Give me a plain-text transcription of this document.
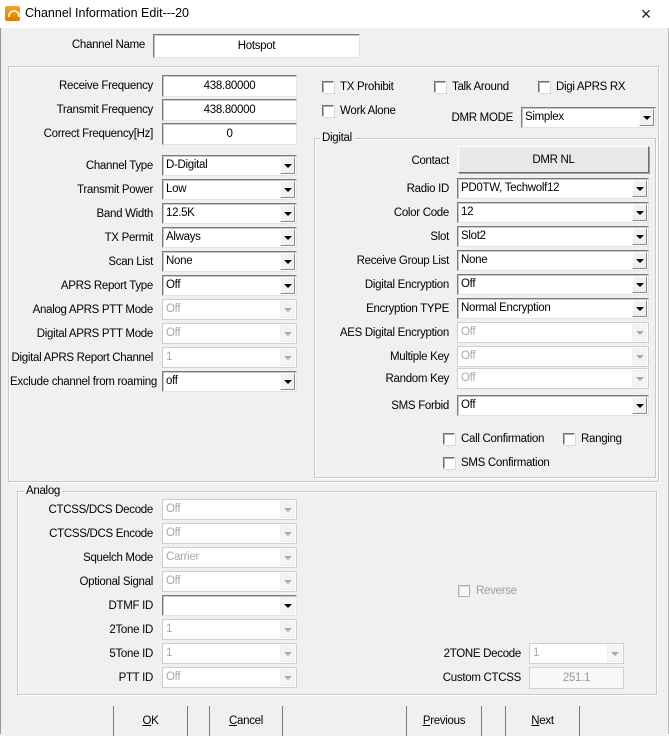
Channel Information Edit---20	×
Channel Name	Hotspot
Receive Frequency	438.80000
Transmit Frequency	438.80000
Correct Frequency[Hz]	0
Channel Type D-Digital
Transmit Power Low
Band Width 12.5K
TX Permit Always
Scan List None
APRS Report Type Off
Analog APRS PTT Mode Off
Digital APRS PTT Mode Off
Digital APRS Report Channel 1
Exclude channel from roaming off
TX Prohibit	Talk Around	Digi APRS RX
Work Alone
DMR MODE Simplex
Digital
Contact	DMR NL
Radio ID PD0TW, Techwolf12
Color Code 12
Slot Slot2
Receive Group List None
Digital Encryption Off
Encryption TYPE Normal Encryption
AES Digital Encryption Off
Multiple Key Off
Random Key Off
SMS Forbid Off
Call Confirmation	Ranging
SMS Confirmation
Analog
CTCSS/DCS Decode Off
CTCSS/DCS Encode Off
Squelch Mode Carrier
Optional Signal Off
DTMF ID
2Tone ID 1
5Tone ID 1
PTT ID Off
Reverse
2TONE Decode 1
Custom CTCSS	251.1
O K	C ancel	P revious	N ext
